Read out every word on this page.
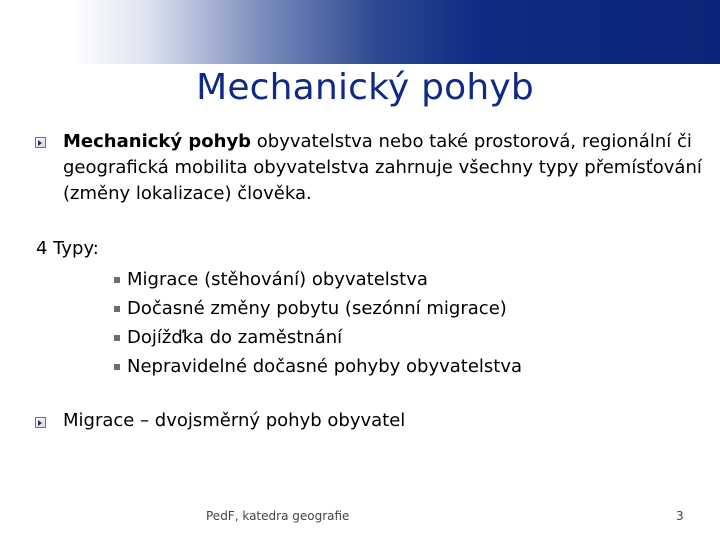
Mechanický pohyb
Mechanický pohyb obyvatelstva nebo také prostorová, regionální či geografická mobilita obyvatelstva zahrnuje všechny typy přemísťování (změny lokalizace) člověka.
4 Typy:
Migrace (stěhování) obyvatelstva
Dočasné změny pobytu (sezónní migrace)
Dojížďka do zaměstnání
Nepravidelné dočasné pohyby obyvatelstva
Migrace – dvojsměrný pohyb obyvatel
PedF, katedra geografie	3
